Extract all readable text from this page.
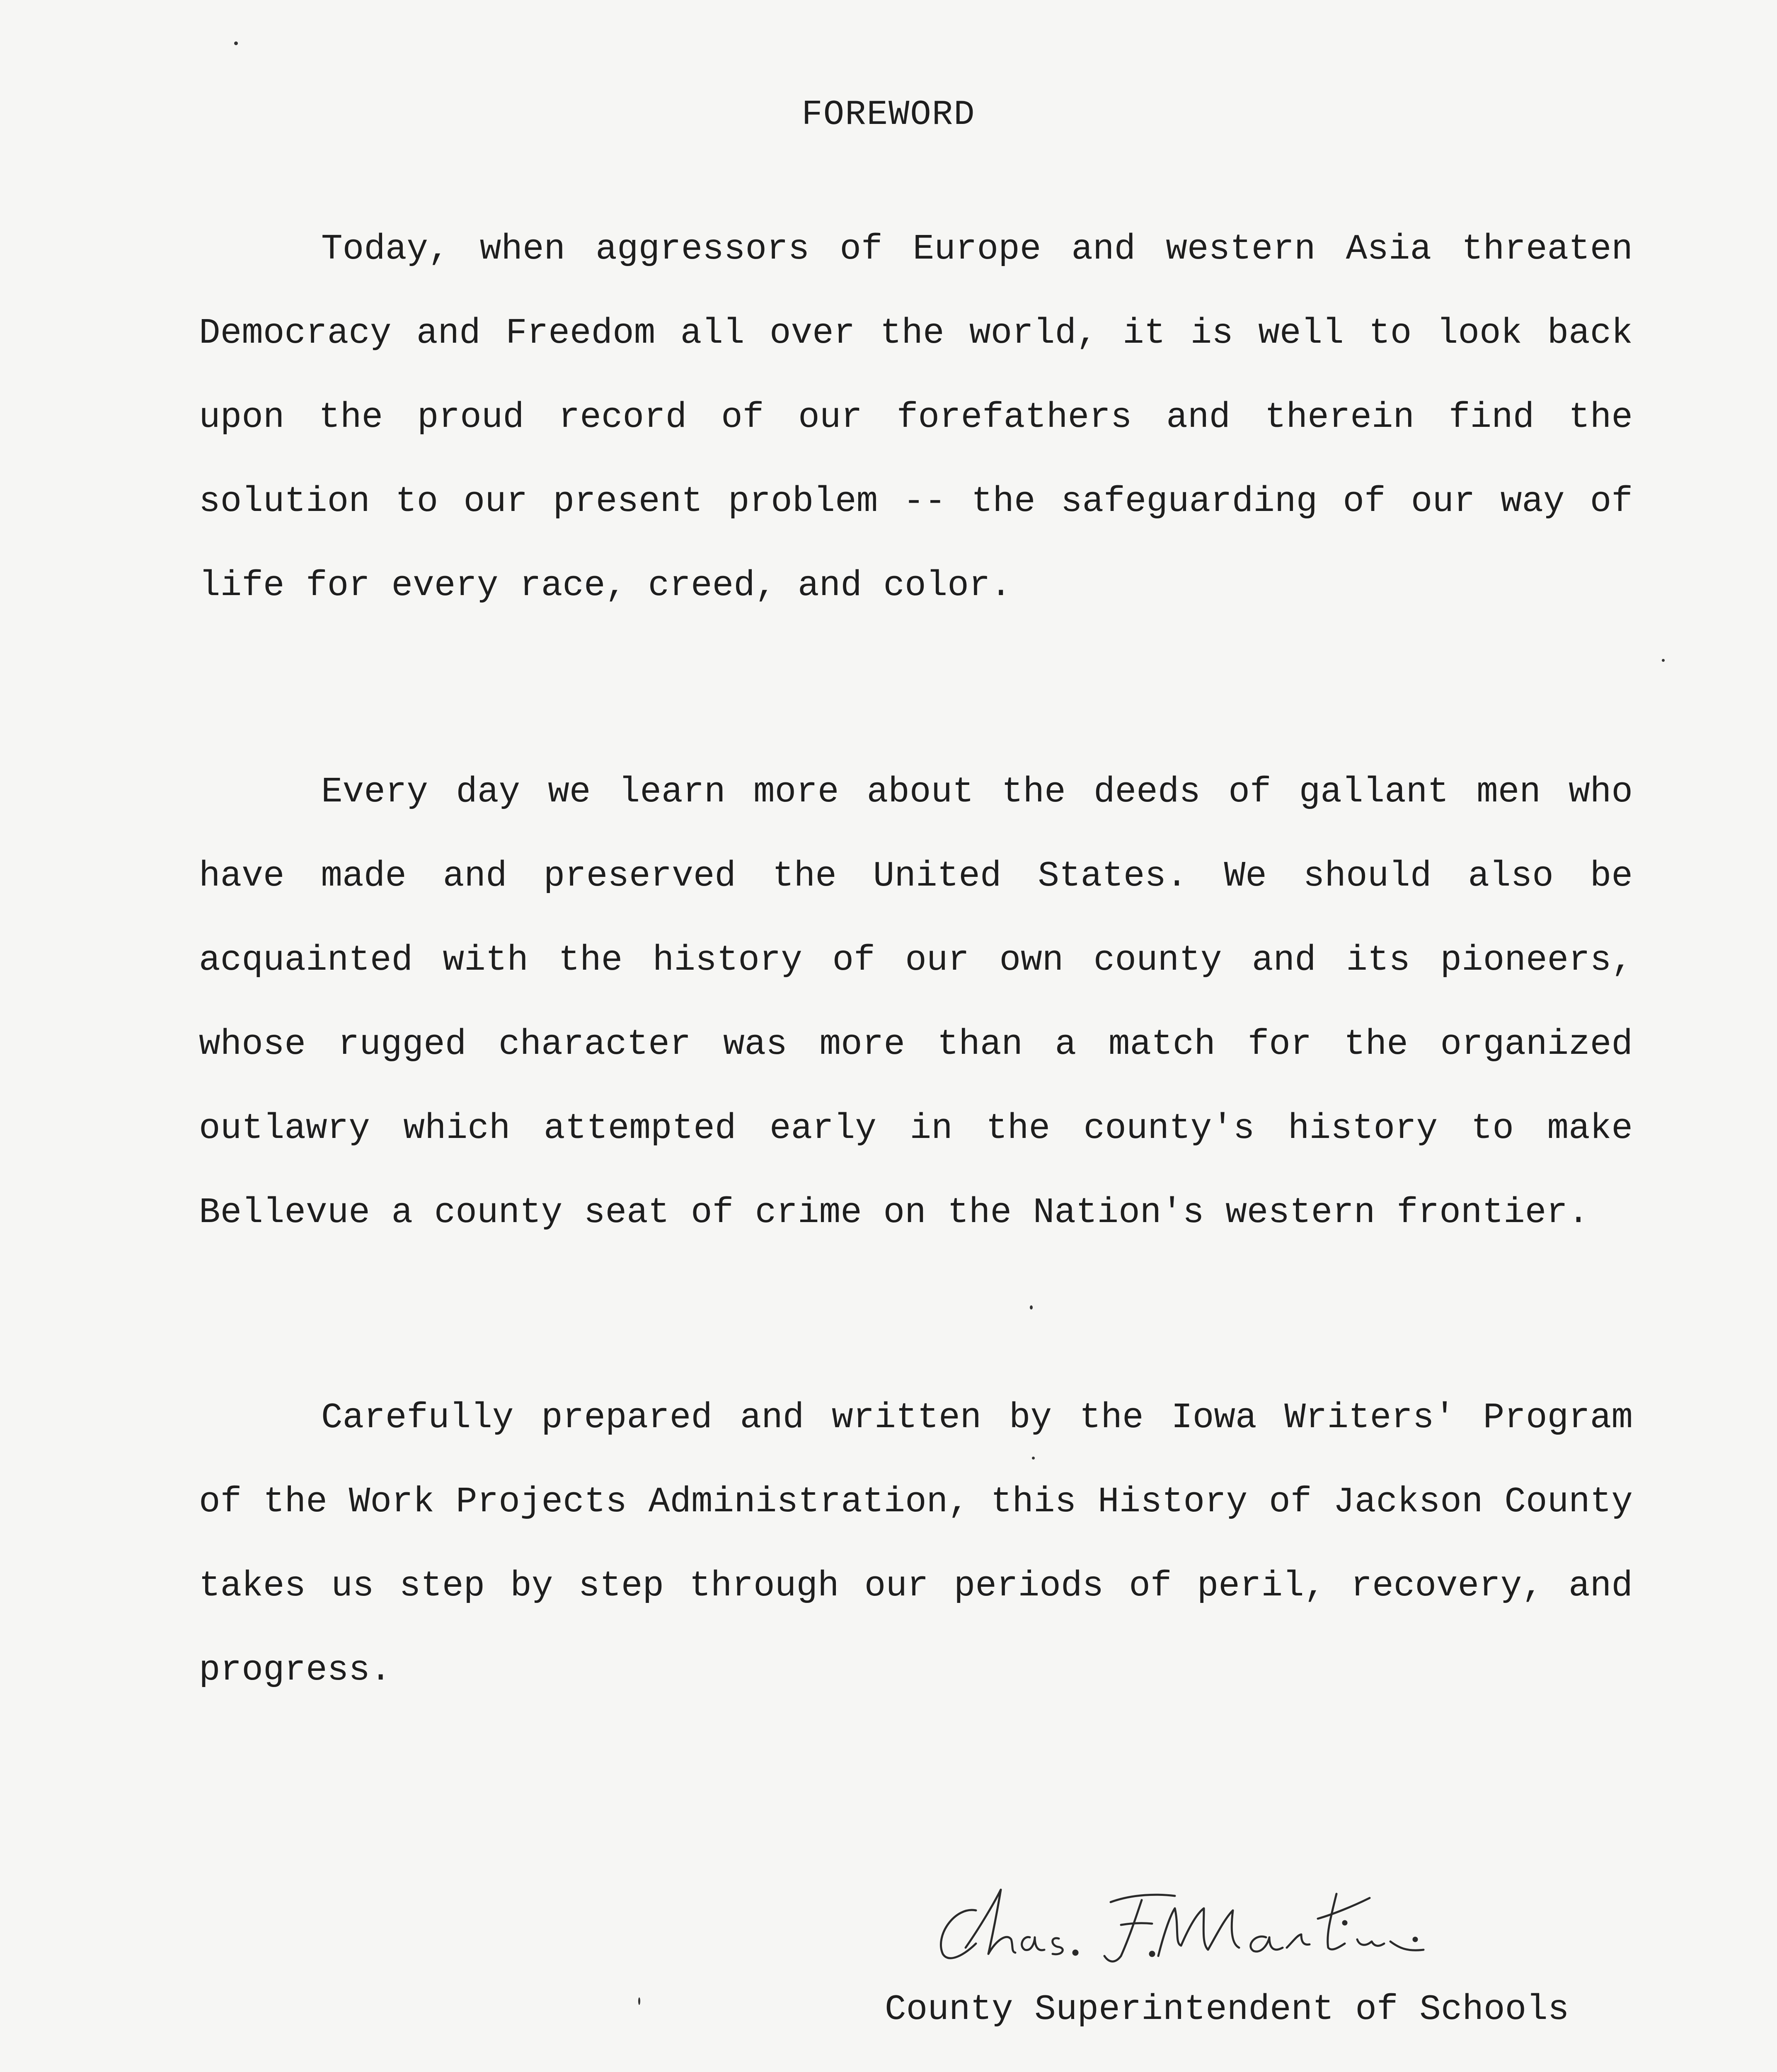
FOREWORD

Today, when aggressors of Europe and western Asia threaten Democracy and Freedom all over the world, it is well to look back upon the proud record of our forefathers and therein find the solution to our present problem -- the safeguarding of our way of life for every race, creed, and color.

Every day we learn more about the deeds of gallant men who have made and preserved the United States. We should also be acquainted with the history of our own county and its pioneers, whose rugged character was more than a match for the organized outlawry which attempted early in the county's history to make Bellevue a county seat of crime on the Nation's western frontier.

Carefully prepared and written by the Iowa Writers' Program of the Work Projects Administration, this History of Jackson County takes us step by step through our periods of peril, recovery, and progress.

County Superintendent of Schools
